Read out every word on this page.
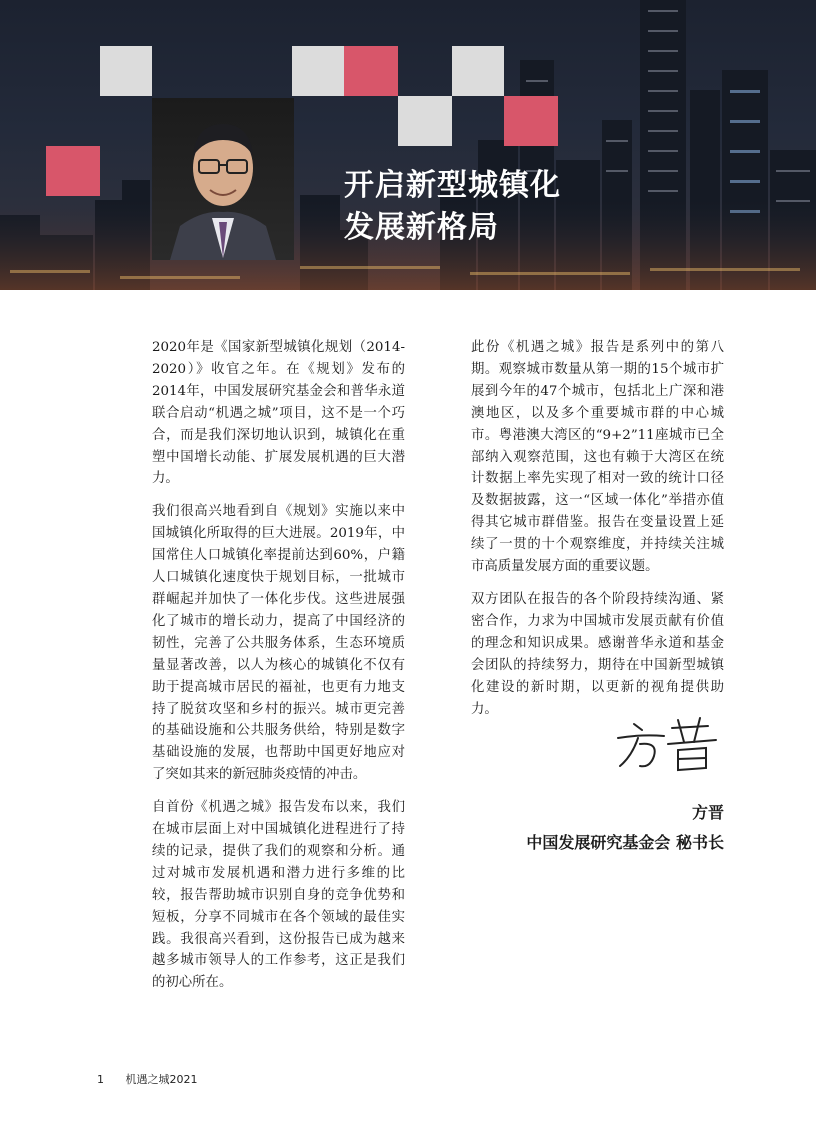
开启新型城镇化
发展新格局

2020年是《国家新型城镇化规划（2014-2020）》收官之年。在《规划》发布的2014年，中国发展研究基金会和普华永道联合启动“机遇之城”项目，这不是一个巧合，而是我们深切地认识到，城镇化在重塑中国增长动能、扩展发展机遇的巨大潜力。

我们很高兴地看到自《规划》实施以来中国城镇化所取得的巨大进展。2019年，中国常住人口城镇化率提前达到60%，户籍人口城镇化速度快于规划目标，一批城市群崛起并加快了一体化步伐。这些进展强化了城市的增长动力，提高了中国经济的韧性，完善了公共服务体系，生态环境质量显著改善，以人为核心的城镇化不仅有助于提高城市居民的福祉，也更有力地支持了脱贫攻坚和乡村的振兴。城市更完善的基础设施和公共服务供给，特别是数字基础设施的发展，也帮助中国更好地应对了突如其来的新冠肺炎疫情的冲击。

自首份《机遇之城》报告发布以来，我们在城市层面上对中国城镇化进程进行了持续的记录，提供了我们的观察和分析。通过对城市发展机遇和潜力进行多维的比较，报告帮助城市识别自身的竞争优势和短板，分享不同城市在各个领域的最佳实践。我很高兴看到，这份报告已成为越来越多城市领导人的工作参考，这正是我们的初心所在。

此份《机遇之城》报告是系列中的第八期。观察城市数量从第一期的15个城市扩展到今年的47个城市，包括北上广深和港澳地区，以及多个重要城市群的中心城市。粤港澳大湾区的“9+2”11座城市已全部纳入观察范围，这也有赖于大湾区在统计数据上率先实现了相对一致的统计口径及数据披露，这一“区域一体化”举措亦值得其它城市群借鉴。报告在变量设置上延续了一贯的十个观察维度，并持续关注城市高质量发展方面的重要议题。

双方团队在报告的各个阶段持续沟通、紧密合作，力求为中国城市发展贡献有价值的理念和知识成果。感谢普华永道和基金会团队的持续努力，期待在中国新型城镇化建设的新时期，以更新的视角提供助力。

方晋
中国发展研究基金会 秘书长
1 机遇之城2021
